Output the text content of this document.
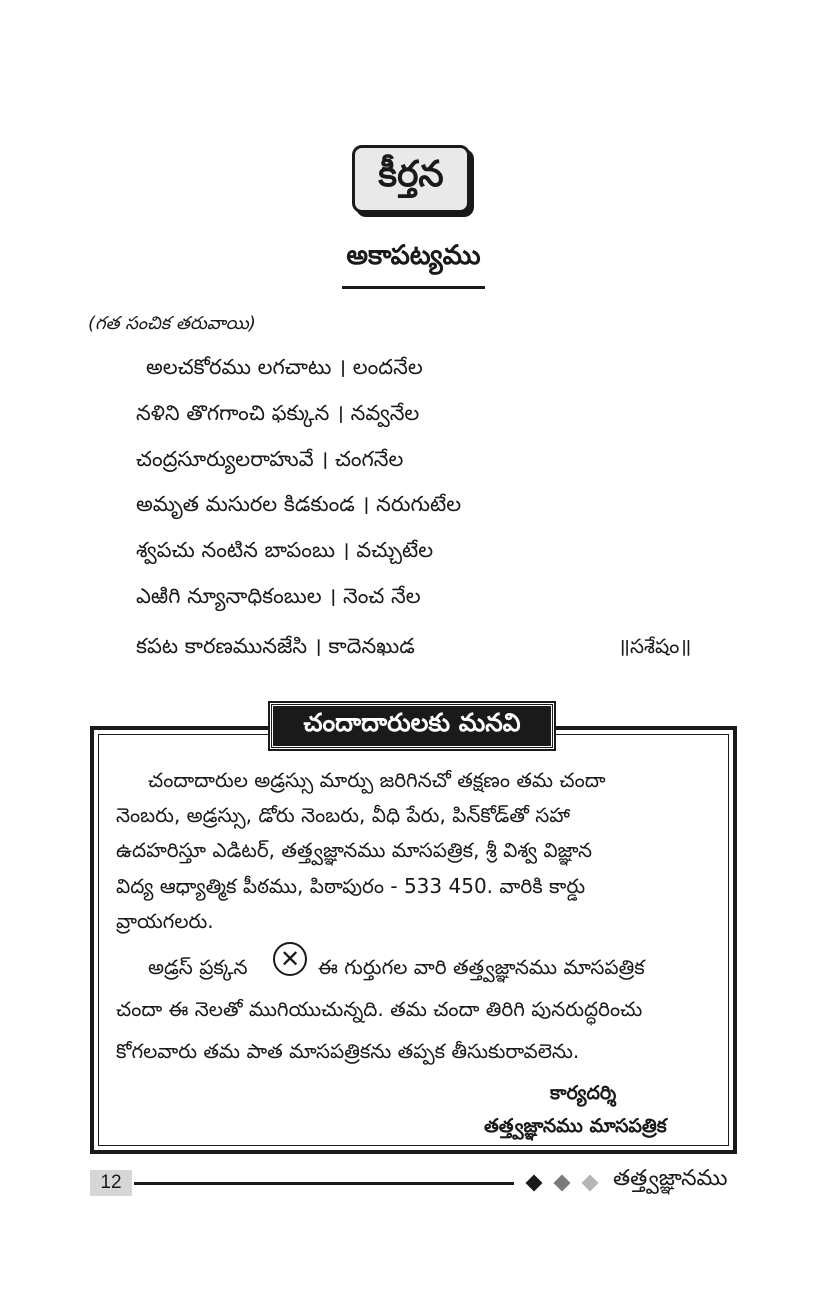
కీర్తన
అకాపట్యము
(గత సంచిక తరువాయి)
అలచకోరము లగచాటు । లందనేల
నళిని తొగగాంచి ఫక్కున । నవ్వనేల
చంద్రసూర్యులరాహువే । చంగనేల
అమృత మసురల కిడకుండ । నరుగుటేల
శ్వపచు నంటిన బాపంబు । వచ్చుటేల
ఎఱిగి న్యూనాధికంబుల । నెంచ నేల
కపట కారణమునజేసి । కాదెనఖుడ	॥సశేషం॥
చందాదారులకు మనవి
చందాదారుల అడ్రస్సు మార్పు జరిగినచో తక్షణం తమ చందా
నెంబరు, అడ్రస్సు, డోరు నెంబరు, వీధి పేరు, పిన్‌కోడ్‌తో సహా
ఉదహరిస్తూ ఎడిటర్, తత్త్వజ్ఞానము మాసపత్రిక, శ్రీ విశ్వ విజ్ఞాన
విద్య ఆధ్యాత్మిక పీఠము, పిఠాపురం - 533 450. వారికి కార్డు
వ్రాయగలరు.
అడ్రస్ ప్రక్కన ✕ ఈ గుర్తుగల వారి తత్త్వజ్ఞానము మాసపత్రిక
చందా ఈ నెలతో ముగియుచున్నది. తమ చందా తిరిగి పునరుద్ధరించు
కోగలవారు తమ పాత మాసపత్రికను తప్పక తీసుకురావలెను.
కార్యదర్శి
తత్త్వజ్ఞానము మాసపత్రిక
12	తత్త్వజ్ఞానము
